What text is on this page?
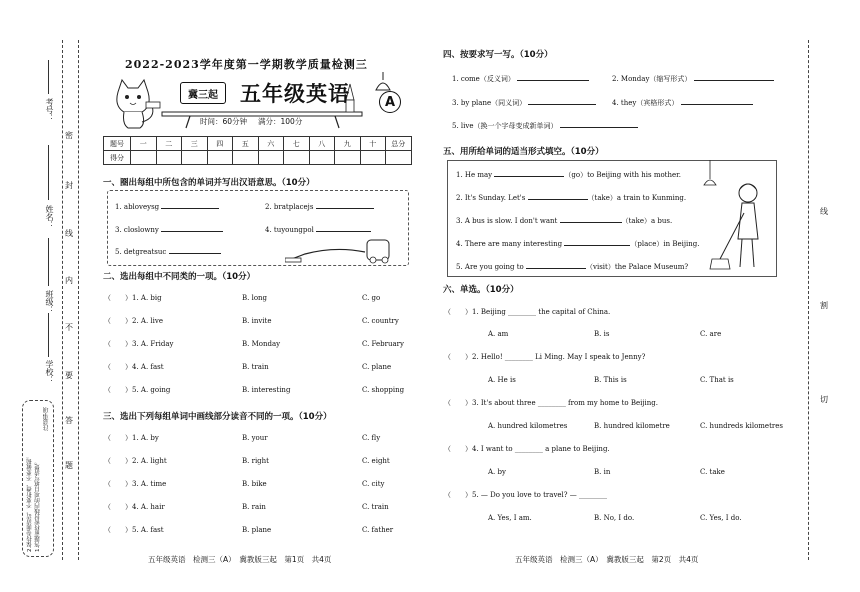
密
封
线
内
不
要
答
题
考号：
姓名：
班级：
学校：
注意事项
1.答题前将密封线内的项目填写清楚。
2.保持卷面清洁，不要折叠、不要破损。
2022-2023学年度第一学期教学质量检测三
冀三起 五年级英语
时间：60分钟 满分：100分
A
题号	一	二	三	四	五	六	七	八	九	十	总分
得分											
一、圈出每组中所包含的单词并写出汉语意思。（10分）
1. abloveysg	2. bratplacejs
3. closlowny	4. tuyoungpol
5. detgreatsuc
二、选出每组中不同类的一项。（10分）
（　　）1. A. big	B. long	C. go
（　　）2. A. live	B. invite	C. country
（　　）3. A. Friday	B. Monday	C. February
（　　）4. A. fast	B. train	C. plane
（　　）5. A. going	B. interesting	C. shopping
三、选出下列每组单词中画线部分读音不同的一项。（10分）
（　　）1. A. by	B. your	C. fly
（　　）2. A. light	B. right	C. eight
（　　）3. A. time	B. bike	C. city
（　　）4. A. hair	B. rain	C. train
（　　）5. A. fast	B. plane	C. father
五年级英语　检测三（A）　冀教版三起　第1页　共4页
四、按要求写一写。（10分）
1. come（反义词）	2. Monday（缩写形式）
3. by plane（同义词）	4. they（宾格形式）
5. live（换一个字母变成新单词）
五、用所给单词的适当形式填空。（10分）
1. He may	（go）to Beijing with his mother.
2. It's Sunday. Let's	（take）a train to Kunming.
3. A bus is slow. I don't want	（take）a bus.
4. There are many interesting	（place）in Beijing.
5. Are you going to	（visit）the Palace Museum?
六、单选。（10分）
（　　）1. Beijing ________ the capital of China.
A. am	B. is	C. are
（　　）2. Hello! ________ Li Ming. May I speak to Jenny?
A. He is	B. This is	C. That is
（　　）3. It's about three ________ from my home to Beijing.
A. hundred kilometres	B. hundred kilometre	C. hundreds kilometres
（　　）4. I want to ________ a plane to Beijing.
A. by	B. in	C. take
（　　）5. — Do you love to travel? — ________
A. Yes, I am.	B. No, I do.	C. Yes, I do.
五年级英语　检测三（A）　冀教版三起　第2页　共4页
线
割
切
